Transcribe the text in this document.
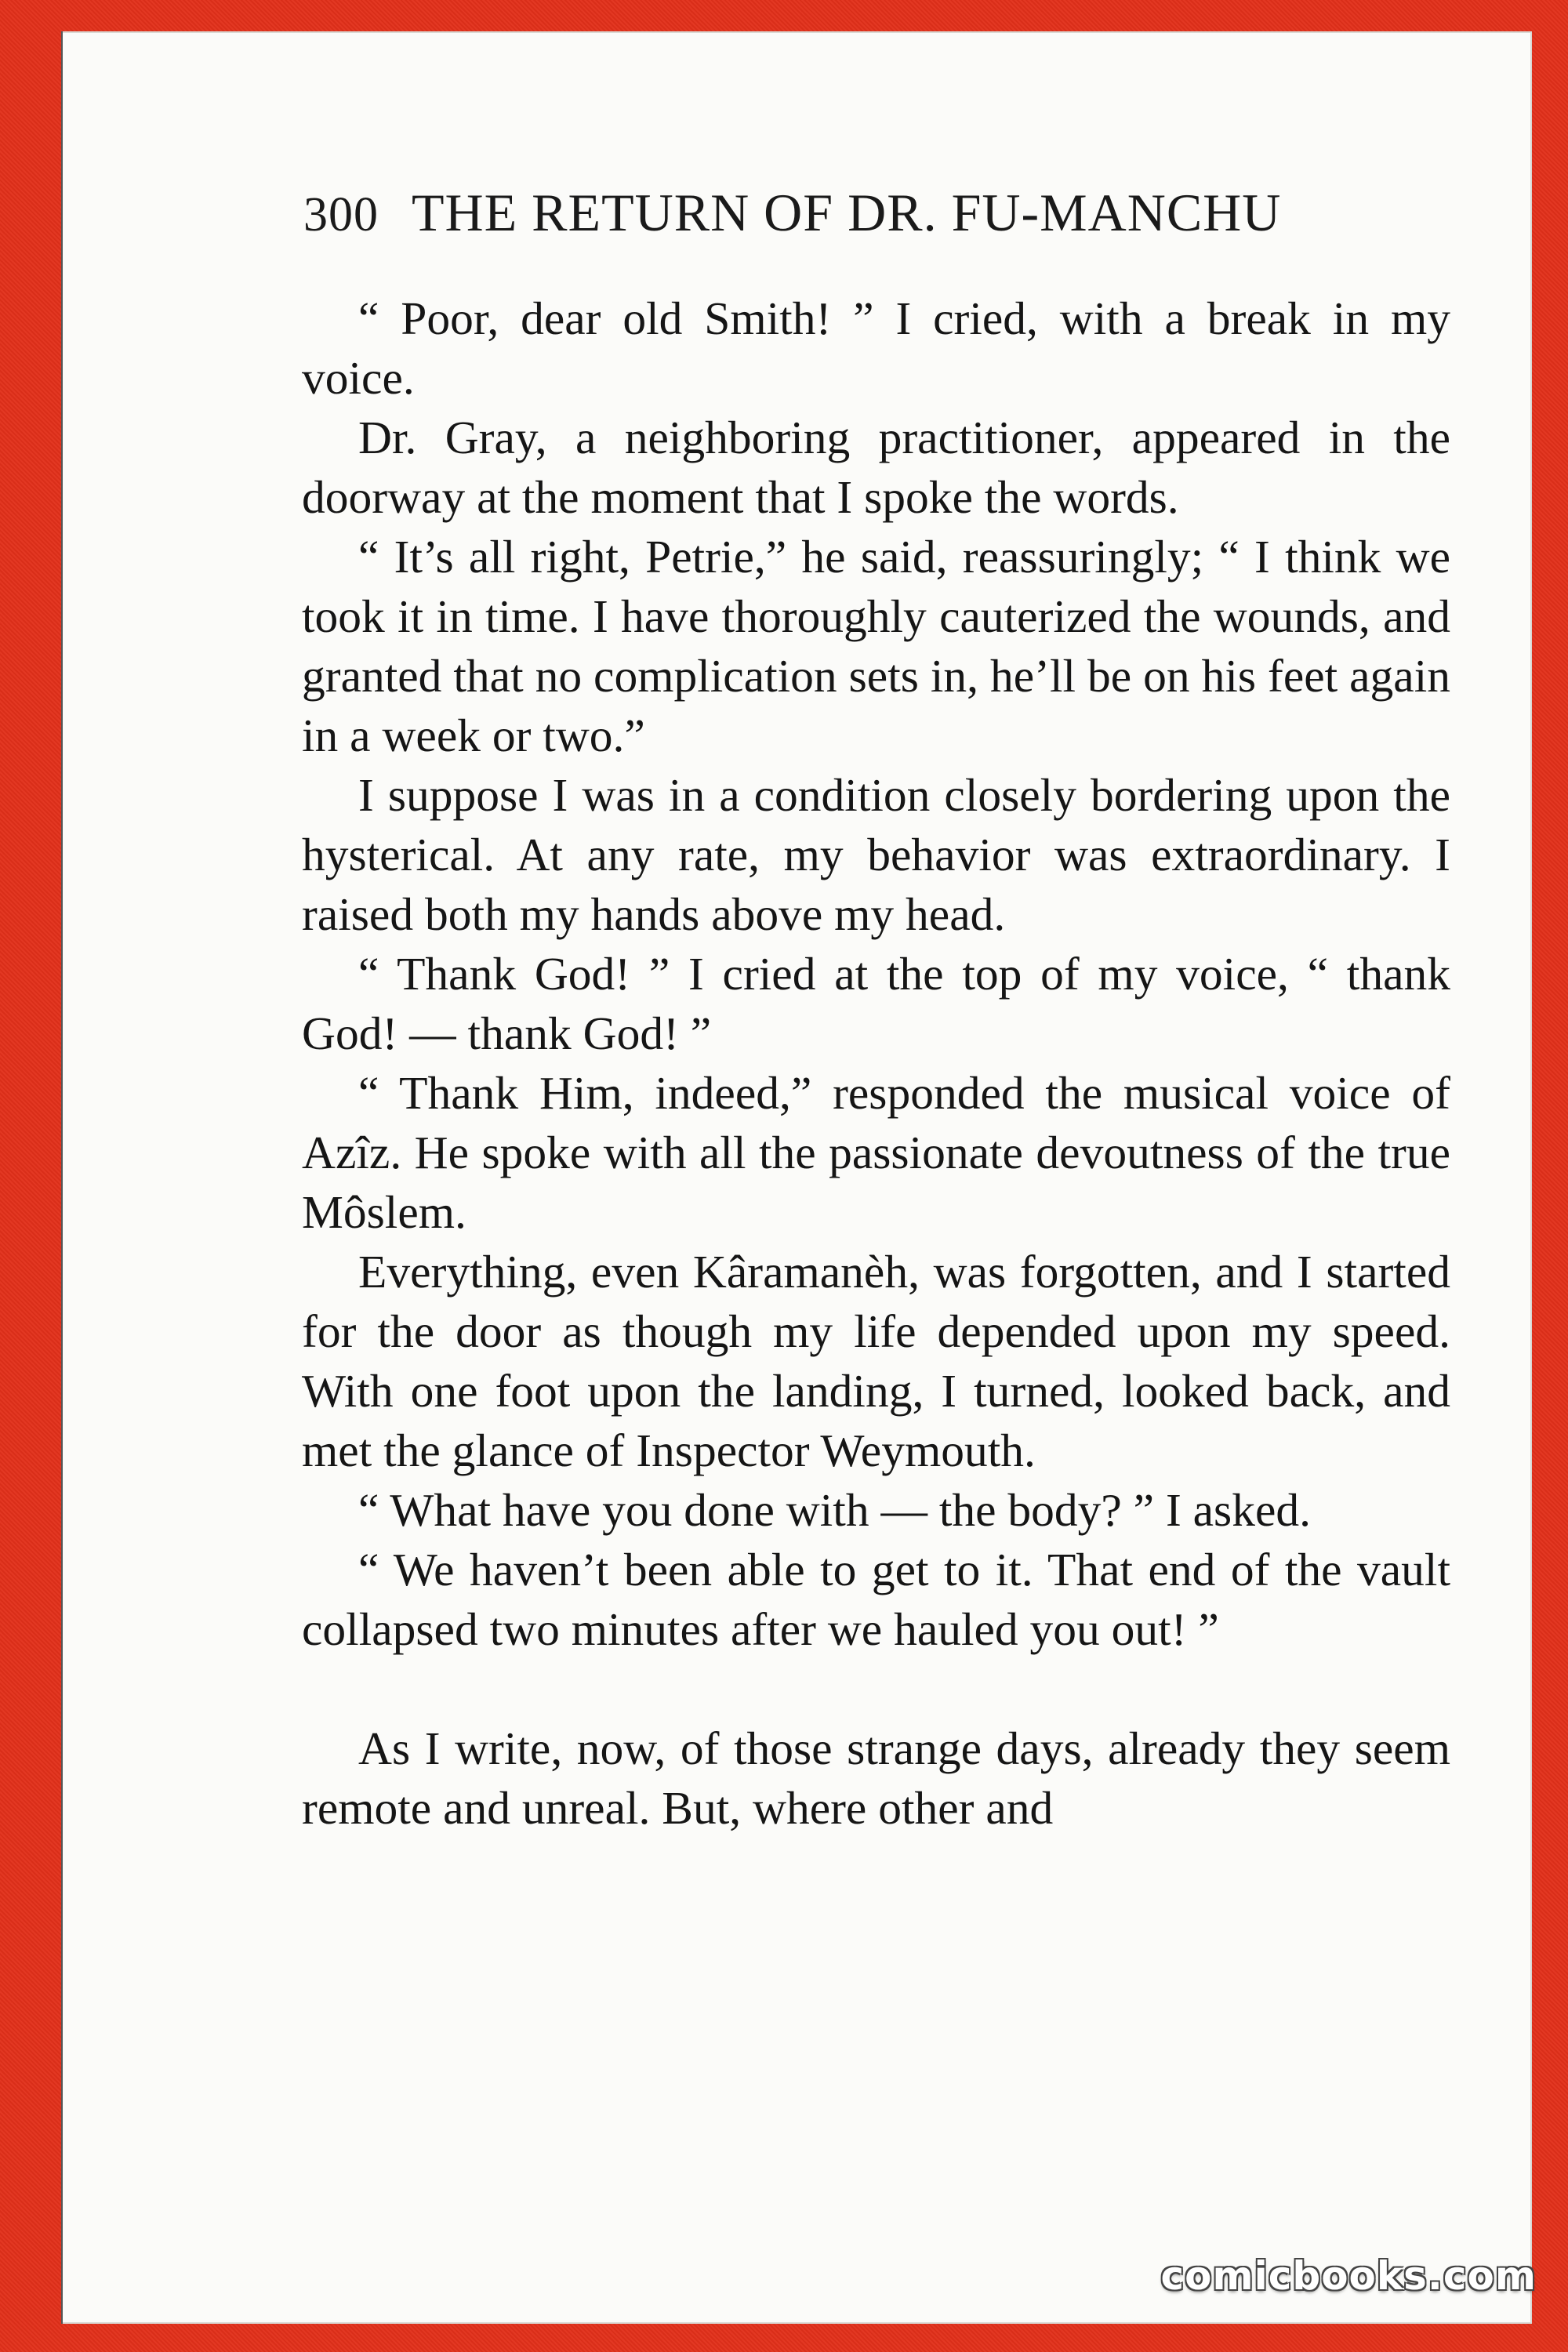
300 THE RETURN OF DR. FU-MANCHU

“ Poor, dear old Smith! ” I cried, with a break in my voice.

Dr. Gray, a neighboring practitioner, appeared in the doorway at the moment that I spoke the words.

“ It’s all right, Petrie,” he said, reassuringly; “ I think we took it in time. I have thoroughly cauterized the wounds, and granted that no complication sets in, he’ll be on his feet again in a week or two.”

I suppose I was in a condition closely bordering upon the hysterical. At any rate, my behavior was extraordinary. I raised both my hands above my head.

“ Thank God! ” I cried at the top of my voice, “ thank God! — thank God! ”

“ Thank Him, indeed,” responded the musical voice of Azîz. He spoke with all the passionate devoutness of the true Môslem.

Everything, even Kâramanèh, was forgotten, and I started for the door as though my life depended upon my speed. With one foot upon the landing, I turned, looked back, and met the glance of Inspector Weymouth.

“ What have you done with — the body? ” I asked.

“ We haven’t been able to get to it. That end of the vault collapsed two minutes after we hauled you out! ”

As I write, now, of those strange days, already they seem remote and unreal. But, where other and

comicbooks.com
